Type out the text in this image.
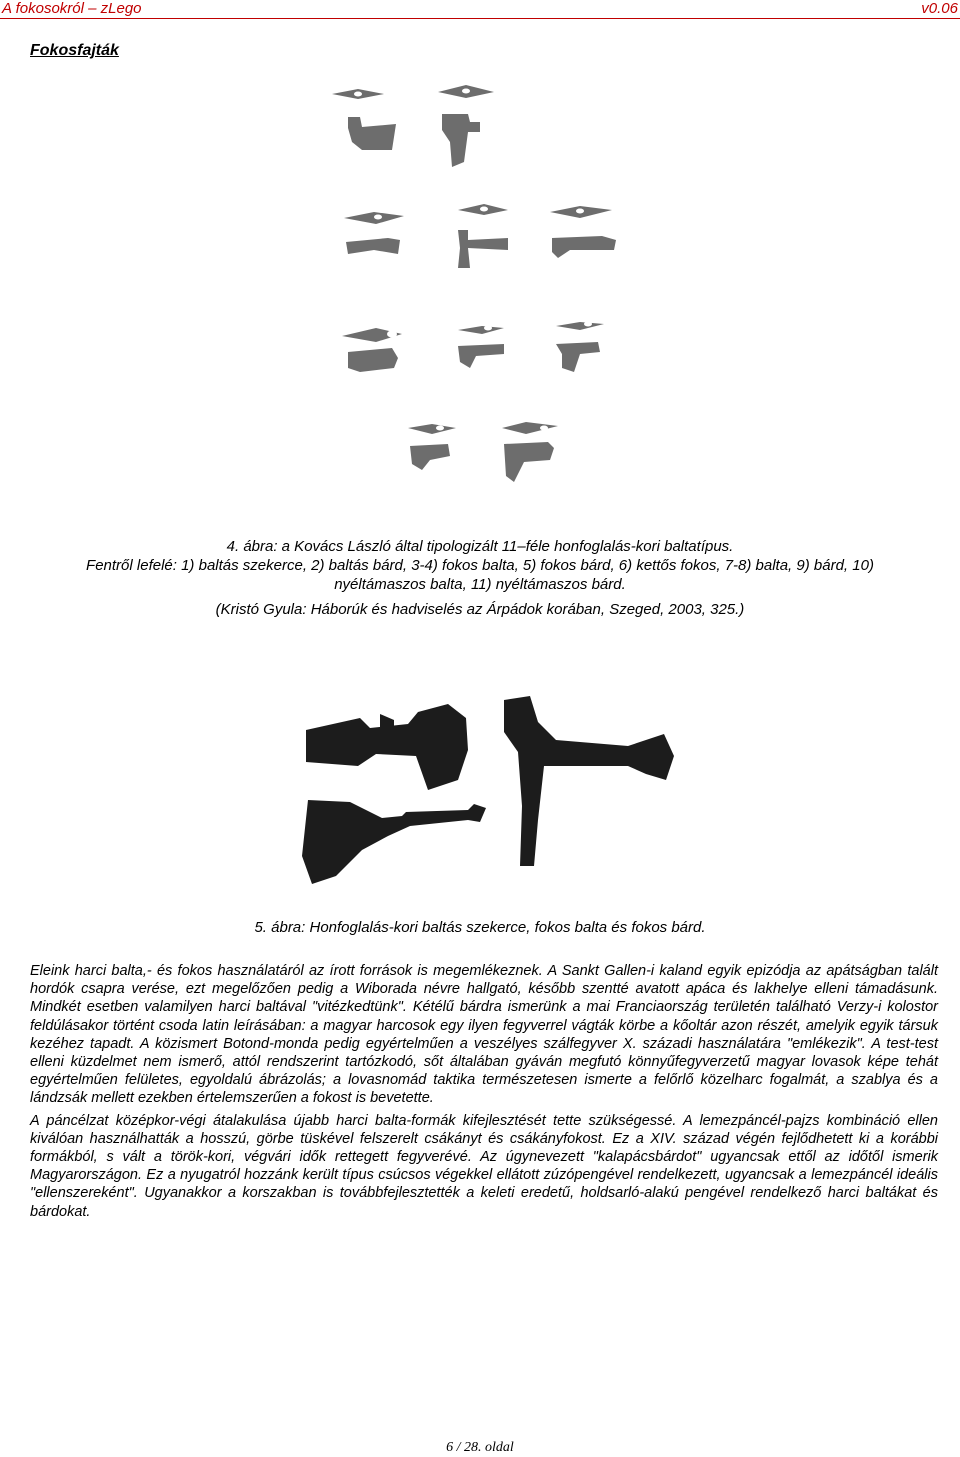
A fokosokról – zLego	v0.06
Fokosfajták
4. ábra: a Kovács László által tipologizált 11–féle honfoglalás-kori baltatípus.
Fentről lefelé: 1) baltás szekerce, 2) baltás bárd, 3-4) fokos balta, 5) fokos bárd, 6) kettős fokos, 7-8) balta, 9) bárd, 10)
nyéltámaszos balta, 11) nyéltámaszos bárd.
(Kristó Gyula: Háborúk és hadviselés az Árpádok korában, Szeged, 2003, 325.)
5. ábra: Honfoglalás-kori baltás szekerce, fokos balta és fokos bárd.

Eleink harci balta,- és fokos használatáról az írott források is megemlékeznek. A Sankt Gallen-i kaland egyik epizódja az apátságban talált hordók csapra verése, ezt megelőzően pedig a Wiborada névre hallgató, később szentté avatott apáca és lakhelye elleni támadásunk. Mindkét esetben valamilyen harci baltával "vitézkedtünk". Kétélű bárdra ismerünk a mai Franciaország területén található Verzy-i kolostor feldúlásakor történt csoda latin leírásában: a magyar harcosok egy ilyen fegyverrel vágták körbe a kőoltár azon részét, amelyik egyik társuk kezéhez tapadt. A közismert Botond-monda pedig egyértelműen a veszélyes szálfegyver X. századi használatára "emlékezik". A test-test elleni küzdelmet nem ismerő, attól rendszerint tartózkodó, sőt általában gyáván megfutó könnyűfegyverzetű magyar lovasok képe tehát egyértelműen felületes, egyoldalú ábrázolás; a lovasnomád taktika természetesen ismerte a felőrlő közelharc fogalmát, a szablya és a lándzsák mellett ezekben értelemszerűen a fokost is bevetette.

A páncélzat középkor-végi átalakulása újabb harci balta-formák kifejlesztését tette szükségessé. A lemezpáncél-pajzs kombináció ellen kiválóan használhatták a hosszú, görbe tüskével felszerelt csákányt és csákányfokost. Ez a XIV. század végén fejlődhetett ki a korábbi formákból, s vált a török-kori, végvári idők rettegett fegyverévé. Az úgynevezett "kalapácsbárdot" ugyancsak ettől az időtől ismerik Magyarországon. Ez a nyugatról hozzánk került típus csúcsos végekkel ellátott zúzópengével rendelkezett, ugyancsak a lemezpáncél ideális "ellenszereként". Ugyanakkor a korszakban is továbbfejlesztették a keleti eredetű, holdsarló-alakú pengével rendelkező harci baltákat és bárdokat.

6 / 28. oldal
